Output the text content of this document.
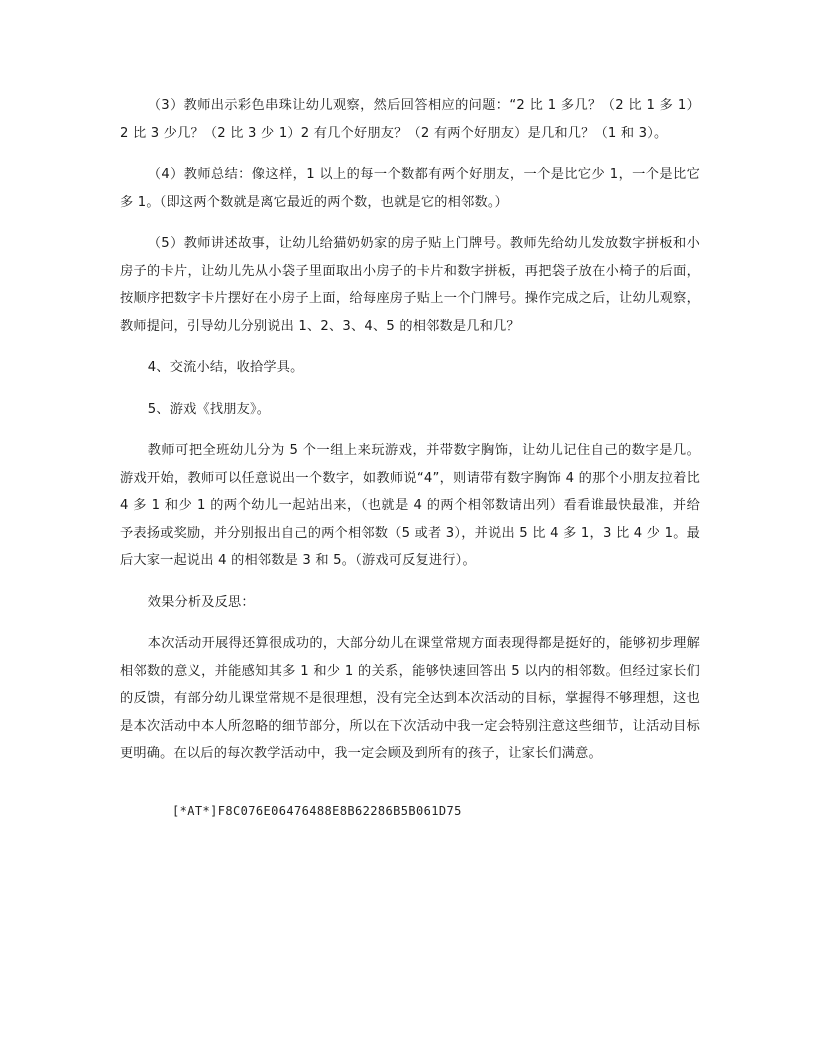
（3）教师出示彩色串珠让幼儿观察，然后回答相应的问题：“2 比 1 多几？（2 比 1 多 1）2 比 3 少几？（2 比 3 少 1）2 有几个好朋友？（2 有两个好朋友）是几和几？（1 和 3）。

（4）教师总结：像这样，1 以上的每一个数都有两个好朋友，一个是比它少 1，一个是比它多 1。（即这两个数就是离它最近的两个数，也就是它的相邻数。）

（5）教师讲述故事，让幼儿给猫奶奶家的房子贴上门牌号。教师先给幼儿发放数字拼板和小房子的卡片，让幼儿先从小袋子里面取出小房子的卡片和数字拼板，再把袋子放在小椅子的后面，按顺序把数字卡片摆好在小房子上面，给每座房子贴上一个门牌号。操作完成之后，让幼儿观察，教师提问，引导幼儿分别说出 1、2、3、4、5 的相邻数是几和几？

4、交流小结，收拾学具。

5、游戏《找朋友》。

教师可把全班幼儿分为 5 个一组上来玩游戏，并带数字胸饰，让幼儿记住自己的数字是几。游戏开始，教师可以任意说出一个数字，如教师说“4”，则请带有数字胸饰 4 的那个小朋友拉着比 4 多 1 和少 1 的两个幼儿一起站出来，（也就是 4 的两个相邻数请出列）看看谁最快最准，并给予表扬或奖励，并分别报出自己的两个相邻数（5 或者 3），并说出 5 比 4 多 1，3 比 4 少 1。最后大家一起说出 4 的相邻数是 3 和 5。（游戏可反复进行）。

效果分析及反思：

本次活动开展得还算很成功的，大部分幼儿在课堂常规方面表现得都是挺好的，能够初步理解相邻数的意义，并能感知其多 1 和少 1 的关系，能够快速回答出 5 以内的相邻数。但经过家长们的反馈，有部分幼儿课堂常规不是很理想，没有完全达到本次活动的目标，掌握得不够理想，这也是本次活动中本人所忽略的细节部分，所以在下次活动中我一定会特别注意这些细节，让活动目标更明确。在以后的每次教学活动中，我一定会顾及到所有的孩子，让家长们满意。

[*AT*]F8C076E06476488E8B62286B5B061D75
